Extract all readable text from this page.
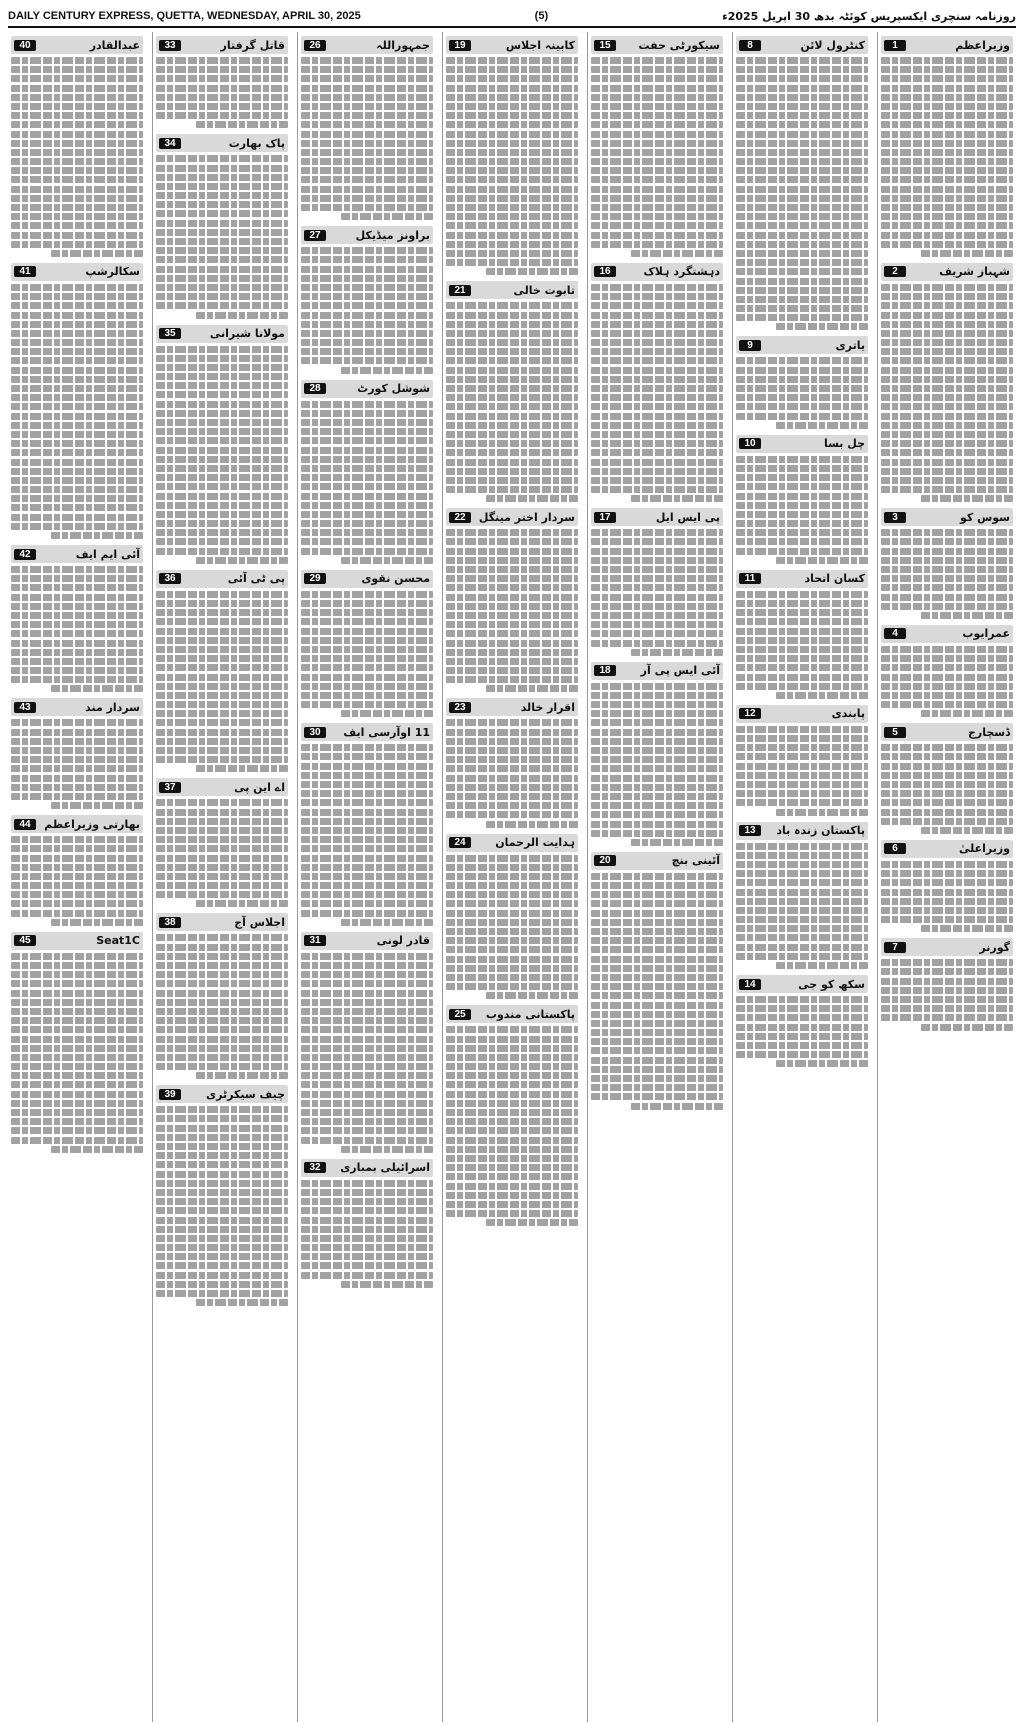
DAILY CENTURY EXPRESS, QUETTA, WEDNESDAY, APRIL 30, 2025	(5)	روزنامہ سنچری ایکسپریس کوئٹہ بدھ 30 اپریل 2025ء
وزیراعظم
1
شہباز شریف
2
سوس کو
3
عمرایوب
4
ڈسچارج
5
وزیراعلیٰ
6
گورنر
7
کنٹرول لائن
8
یاتری
9
چل بسا
10
کسان اتحاد
11
پابندی
12
پاکستان زندہ باد
13
سکھ کو جی
14
سیکورٹی حفت
15
دہشتگرد ہلاک
16
پی ایس ایل
17
آئی ایس پی آر
18
آئینی بنچ
20
کابینہ اجلاس
19
تابوت خالی
21
سردار اختر مینگل
22
اقرار خالد
23
ہدایت الرحمان
24
پاکستانی مندوب
25
جمہوراللہ
26
براونز میڈیکل
27
شوشل کورٹ
28
محسن نقوی
29
11 اوآرسی ایف
30
قادر لونی
31
اسرائیلی بمباری
32
قاتل گرفتار
33
پاک بھارت
34
مولانا شیرانی
35
پی ٹی آئی
36
اے این پی
37
اجلاس آج
38
چیف سیکرٹری
39
عبدالقادر
40
سکالرشپ
41
آئی ایم ایف
42
سردار مند
43
بھارتی وزیراعظم
44
Seat1C
45
